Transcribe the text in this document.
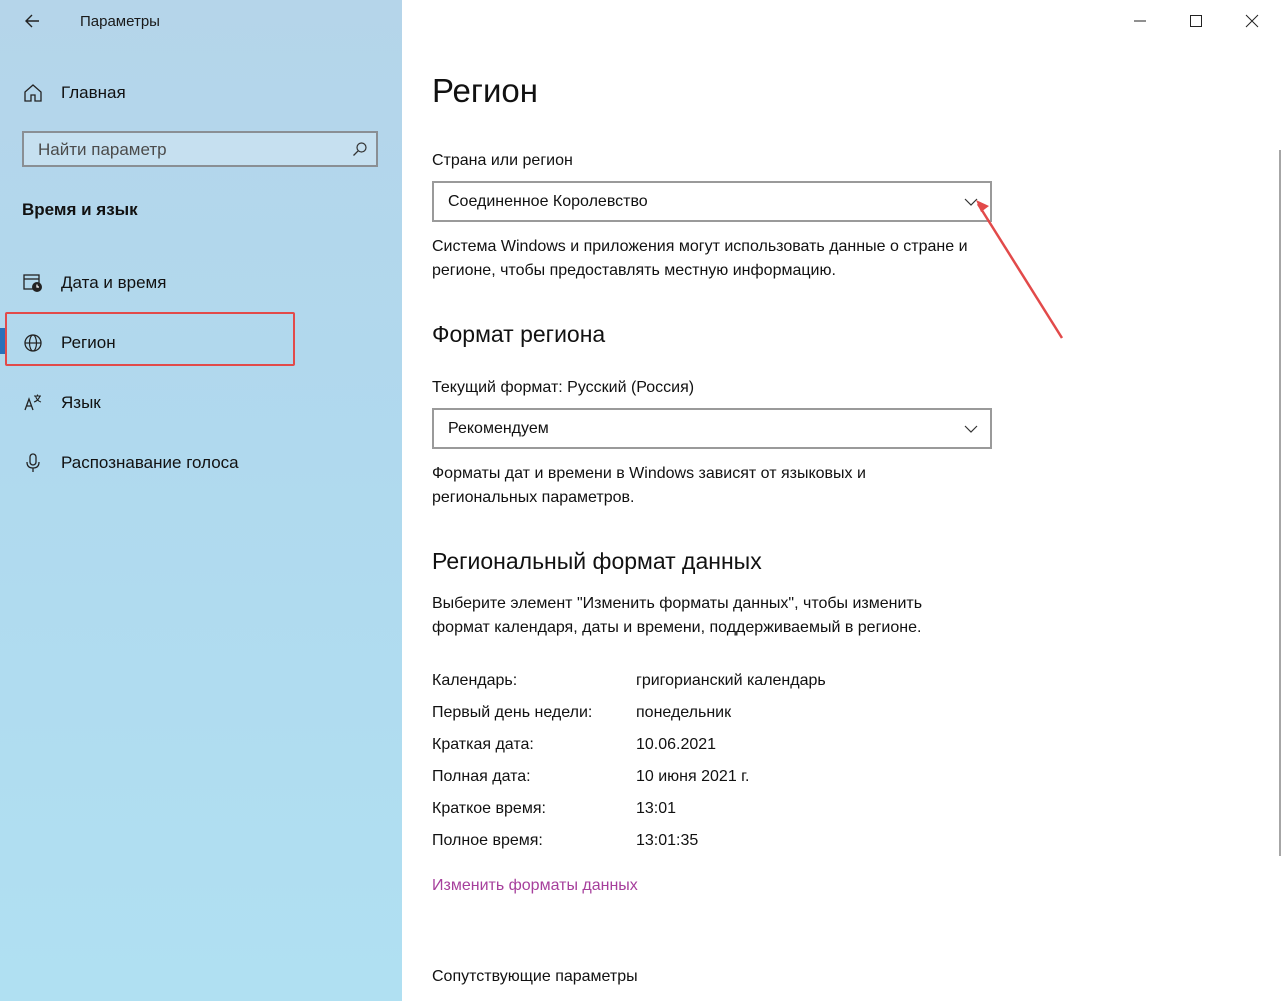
Параметры
Главная
Найти параметр
Время и язык
Дата и время
Регион
Язык
Распознавание голоса
Регион
Страна или регион
Соединенное Королевство
Система Windows и приложения могут использовать данные о стране и регионе, чтобы предоставлять местную информацию.
Формат региона
Текущий формат: Русский (Россия)
Рекомендуем
Форматы дат и времени в Windows зависят от языковых и региональных параметров.
Региональный формат данных
Выберите элемент "Изменить форматы данных", чтобы изменить формат календаря, даты и времени, поддерживаемый в регионе.
Календарь:	григорианский календарь
Первый день недели:	понедельник
Краткая дата:	10.06.2021
Полная дата:	10 июня 2021 г.
Краткое время:	13:01
Полное время:	13:01:35
Изменить форматы данных
Сопутствующие параметры
